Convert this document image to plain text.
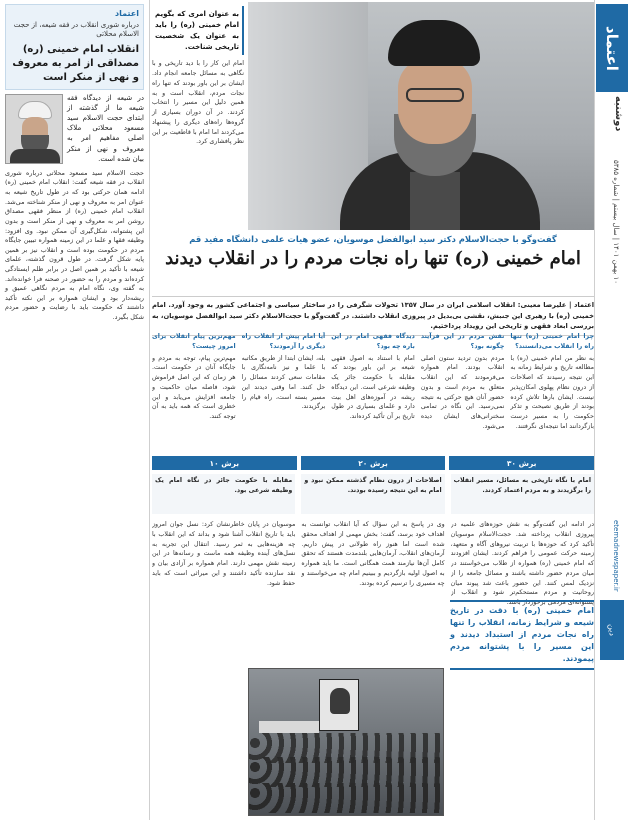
اعتماد
دوشنبه
۱۰ بهمن ۱۴۰۱ | سال بیستم | شماره ۵۳۸۵
etemadnewspaper.ir
دین
اعتماد
درباره شوری انقلاب در فقه شیعه، از حجت الاسلام محلاتی
انقلاب امام خمینی (ره) مصداقی از امر به معروف و نهی از منکر است
در شیعه از دیدگاه فقه شیعه ما از گذشته از ابتدای حجت الاسلام سید مسعود محلاتی ملاک اصلی مفاهیم امر به معروف و نهی از منکر بیان شده است.
حجت الاسلام سید مسعود محلاتی درباره شوری انقلاب در فقه شیعه گفت: انقلاب امام خمینی (ره) ادامه همان حرکتی بود که در طول تاریخ شیعه به عنوان امر به معروف و نهی از منکر شناخته می‌شد. انقلاب امام خمینی (ره) از منظر فقهی مصداق روشن امر به معروف و نهی از منکر است و بدون این پشتوانه، شکل‌گیری آن ممکن نبود. وی افزود: وظیفه فقها و علما در این زمینه همواره تبیین جایگاه مردم در حکومت بوده است و انقلاب نیز بر همین پایه شکل گرفت. در طول قرون گذشته، علمای شیعه با تأکید بر همین اصل در برابر ظلم ایستادگی کرده‌اند و مردم را به حضور در صحنه فرا خوانده‌اند. به گفته وی، نگاه امام به مردم نگاهی عمیق و ریشه‌دار بود و ایشان همواره بر این نکته تأکید داشتند که حکومت باید با رضایت و حضور مردم شکل بگیرد.
به عنوان امری که بگویم امام خمینی (ره) را باید به عنوان یک شخصیت تاریخی شناخت.
امام این کار را با دید تاریخی و با نگاهی به مسائل جامعه انجام داد. ایشان بر این باور بودند که تنها راه نجات مردم، انقلاب است و به همین دلیل این مسیر را انتخاب کردند. در آن دوران بسیاری از گروه‌ها راه‌های دیگری را پیشنهاد می‌کردند اما امام با قاطعیت بر این نظر پافشاری کرد.
گفت‌وگو با حجت‌الاسلام دکتر سید ابوالفضل موسویان، عضو هیات علمی دانشگاه مفید قم
امام خمینی (ره) تنها راه نجات مردم را در انقلاب دیدند
اعتماد | علیرضا معینی: انقلاب اسلامی ایران در سال ۱۳۵۷ تحولات شگرفی را در ساختار سیاسی و اجتماعی کشور به وجود آورد. امام خمینی (ره) با رهبری این جنبش، نقشی بی‌بدیل در پیروزی انقلاب داشتند. در گفت‌وگو با حجت‌الاسلام دکتر سید ابوالفضل موسویان، به بررسی ابعاد فقهی و تاریخی این رویداد پرداختیم.
چرا امام خمینی (ره) تنها راه را انقلاب می‌دانستند؟
به نظر من امام خمینی (ره) با مطالعه تاریخ و شرایط زمانه به این نتیجه رسیدند که اصلاحات از درون نظام پهلوی امکان‌پذیر نیست. ایشان بارها تلاش کرده بودند از طریق نصیحت و تذکر حکومت را به مسیر درست بازگردانند اما نتیجه‌ای نگرفتند.
نقش مردم در این فرآیند چگونه بود؟
مردم بدون تردید ستون اصلی انقلاب بودند. امام همواره می‌فرمودند که این انقلاب متعلق به مردم است و بدون حضور آنان هیچ حرکتی به نتیجه نمی‌رسید. این نگاه در تمامی سخنرانی‌های ایشان دیده می‌شود.
دیدگاه فقهی امام در این باره چه بود؟
امام با استناد به اصول فقهی شیعه بر این باور بودند که مقابله با حکومت جائر یک وظیفه شرعی است. این دیدگاه ریشه در آموزه‌های اهل بیت دارد و علمای بسیاری در طول تاریخ بر آن تأکید کرده‌اند.
آیا امام پیش از انقلاب راه دیگری را آزمودند؟
بله، ایشان ابتدا از طریق مکاتبه با علما و نیز نامه‌نگاری با مقامات سعی کردند مسائل را حل کنند. اما وقتی دیدند این مسیر بسته است، راه قیام را برگزیدند.
مهم‌ترین پیام انقلاب برای امروز چیست؟
مهم‌ترین پیام، توجه به مردم و جایگاه آنان در حکومت است. هر زمان که این اصل فراموش شود، فاصله میان حاکمیت و جامعه افزایش می‌یابد و این خطری است که همه باید به آن توجه کنند.
برش ۳۰
برش ۲۰
برش ۱۰
امام با نگاه تاریخی به مسائل، مسیر انقلاب را برگزیدند و به مردم اعتماد کردند.
اصلاحات از درون نظام گذشته ممکن نبود و امام به این نتیجه رسیده بودند.
مقابله با حکومت جائر در نگاه امام یک وظیفه شرعی بود.
در ادامه این گفت‌وگو به نقش حوزه‌های علمیه در پیروزی انقلاب پرداخته شد. حجت‌الاسلام موسویان تأکید کرد که حوزه‌ها با تربیت نیروهای آگاه و متعهد، زمینه حرکت عمومی را فراهم کردند. ایشان افزودند که امام خمینی (ره) همواره از طلاب می‌خواستند در میان مردم حضور داشته باشند و مسائل جامعه را از نزدیک لمس کنند. این حضور باعث شد پیوند میان روحانیت و مردم مستحکم‌تر شود و انقلاب از پشتوانه‌ای مردمی برخوردار باشد.
وی در پاسخ به این سؤال که آیا انقلاب توانست به اهداف خود برسد، گفت: بخش مهمی از اهداف محقق شده است اما هنوز راه طولانی در پیش داریم. آرمان‌های انقلاب، آرمان‌هایی بلندمدت هستند که تحقق کامل آن‌ها نیازمند همت همگانی است. ما باید همواره به اصول اولیه بازگردیم و ببینیم امام چه می‌خواستند و چه مسیری را ترسیم کرده بودند.
موسویان در پایان خاطرنشان کرد: نسل جوان امروز باید با تاریخ انقلاب آشنا شود و بداند که این انقلاب با چه هزینه‌هایی به ثمر رسید. انتقال این تجربه به نسل‌های آینده وظیفه همه ماست و رسانه‌ها در این زمینه نقش مهمی دارند. امام همواره بر آزادی بیان و نقد سازنده تأکید داشتند و این میراثی است که باید حفظ شود.
امام خمینی (ره) با دقت در تاریخ شیعه و شرایط زمانه، انقلاب را تنها راه نجات مردم از استبداد دیدند و این مسیر را با پشتوانه مردم پیمودند.
